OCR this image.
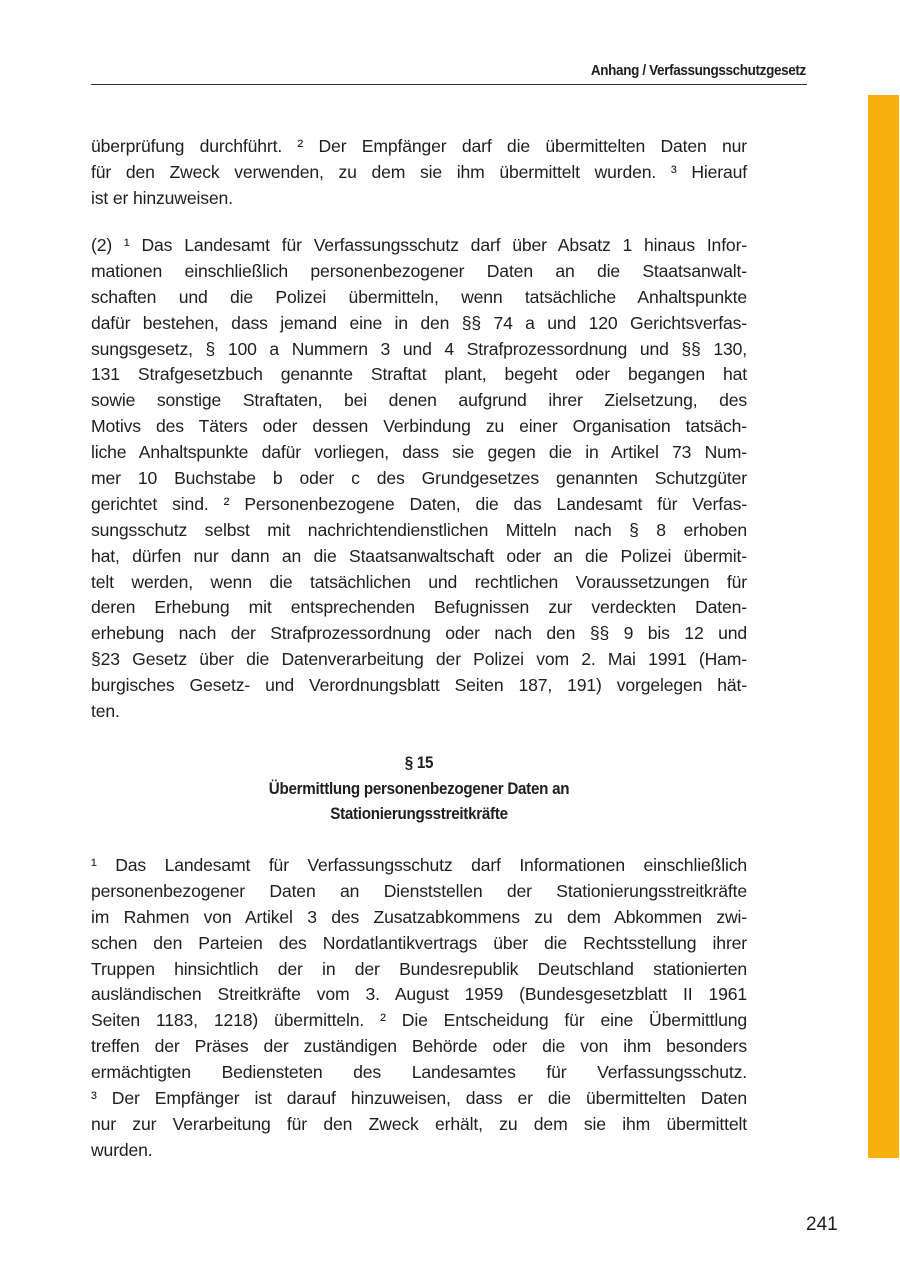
Anhang / Verfassungsschutzgesetz
überprüfung durchführt. ² Der Empfänger darf die übermittelten Daten nur
für den Zweck verwenden, zu dem sie ihm übermittelt wurden. ³ Hierauf
ist er hinzuweisen.
(2) ¹ Das Landesamt für Verfassungsschutz darf über Absatz 1 hinaus Infor-
mationen einschließlich personenbezogener Daten an die Staatsanwalt-
schaften und die Polizei übermitteln, wenn tatsächliche Anhaltspunkte
dafür bestehen, dass jemand eine in den §§ 74 a und 120 Gerichtsverfas-
sungsgesetz, § 100 a Nummern 3 und 4 Strafprozessordnung und §§ 130,
131 Strafgesetzbuch genannte Straftat plant, begeht oder begangen hat
sowie sonstige Straftaten, bei denen aufgrund ihrer Zielsetzung, des
Motivs des Täters oder dessen Verbindung zu einer Organisation tatsäch-
liche Anhaltspunkte dafür vorliegen, dass sie gegen die in Artikel 73 Num-
mer 10 Buchstabe b oder c des Grundgesetzes genannten Schutzgüter
gerichtet sind. ² Personenbezogene Daten, die das Landesamt für Verfas-
sungsschutz selbst mit nachrichtendienstlichen Mitteln nach § 8 erhoben
hat, dürfen nur dann an die Staatsanwaltschaft oder an die Polizei übermit-
telt werden, wenn die tatsächlichen und rechtlichen Voraussetzungen für
deren Erhebung mit entsprechenden Befugnissen zur verdeckten Daten-
erhebung nach der Strafprozessordnung oder nach den §§ 9 bis 12 und
§23 Gesetz über die Datenverarbeitung der Polizei vom 2. Mai 1991 (Ham-
burgisches Gesetz- und Verordnungsblatt Seiten 187, 191) vorgelegen hät-
ten.
§ 15
Übermittlung personenbezogener Daten an
Stationierungsstreitkräfte
¹ Das Landesamt für Verfassungsschutz darf Informationen einschließlich
personenbezogener Daten an Dienststellen der Stationierungsstreitkräfte
im Rahmen von Artikel 3 des Zusatzabkommens zu dem Abkommen zwi-
schen den Parteien des Nordatlantikvertrags über die Rechtsstellung ihrer
Truppen hinsichtlich der in der Bundesrepublik Deutschland stationierten
ausländischen Streitkräfte vom 3. August 1959 (Bundesgesetzblatt II 1961
Seiten 1183, 1218) übermitteln. ² Die Entscheidung für eine Übermittlung
treffen der Präses der zuständigen Behörde oder die von ihm besonders
ermächtigten Bediensteten des Landesamtes für Verfassungsschutz.
³ Der Empfänger ist darauf hinzuweisen, dass er die übermittelten Daten
nur zur Verarbeitung für den Zweck erhält, zu dem sie ihm übermittelt
wurden.
241
